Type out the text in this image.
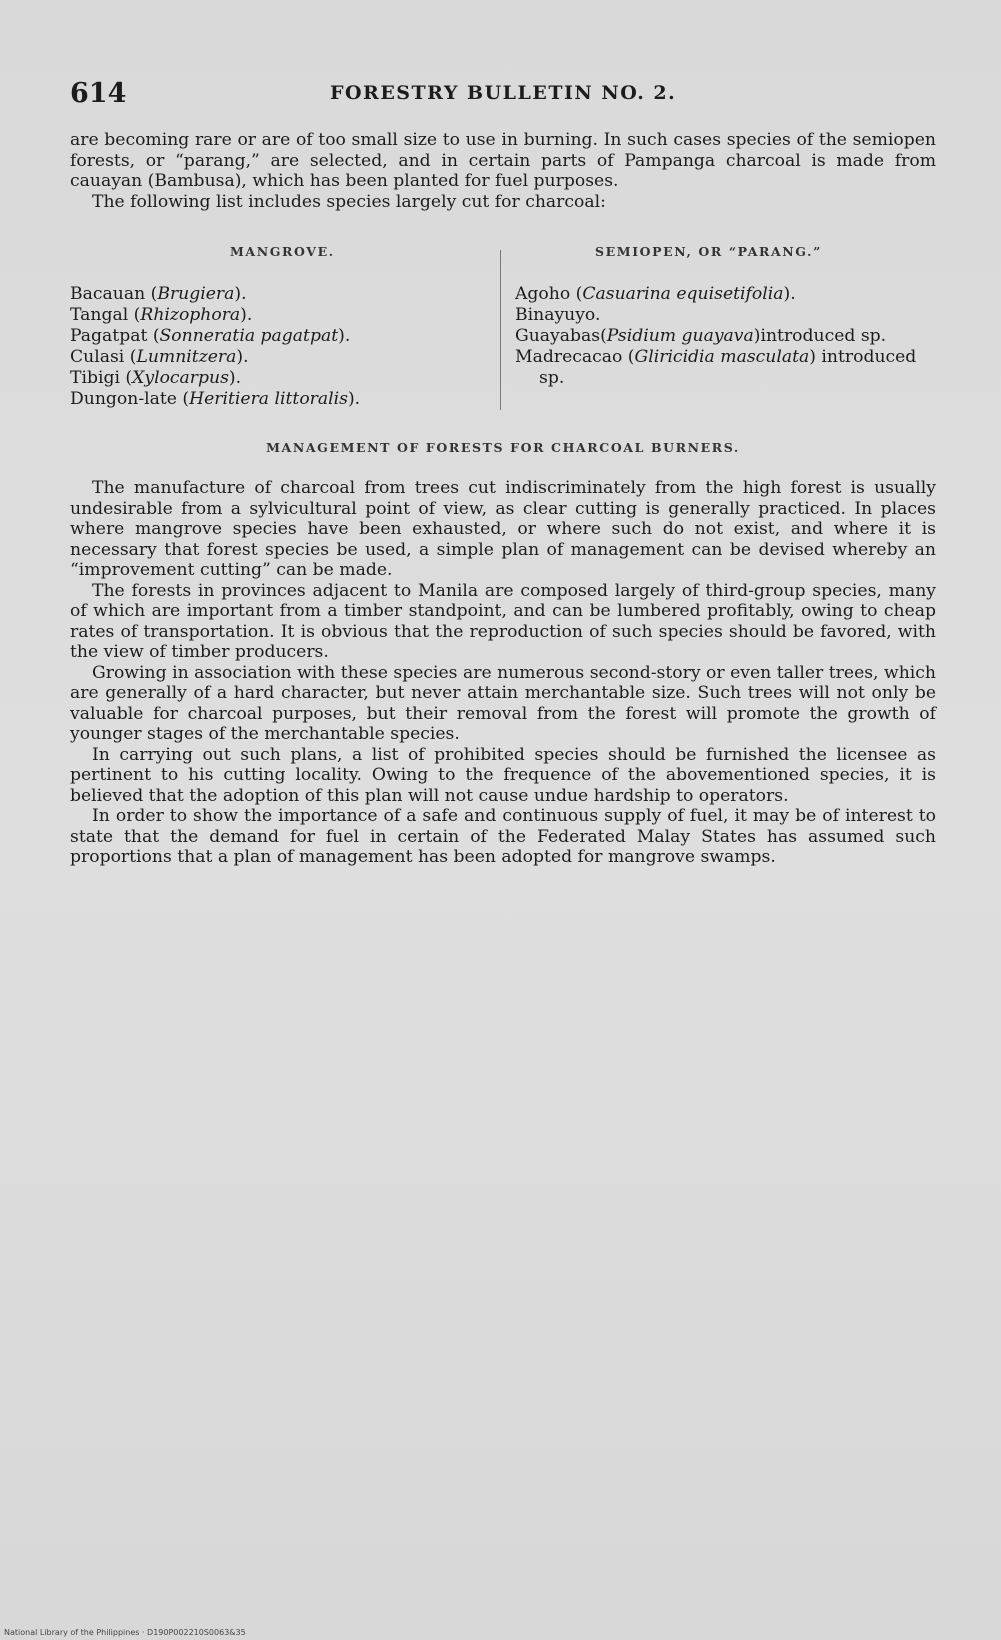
614	FORESTRY BULLETIN NO. 2.
are becoming rare or are of too small size to use in burning. In such cases species of the semiopen forests, or “parang,” are selected, and in certain parts of Pampanga charcoal is made from cauayan (Bambusa), which has been planted for fuel purposes.
The following list includes species largely cut for charcoal:
MANGROVE.	SEMIOPEN, OR “PARANG.”
Bacauan (Brugiera).
Tangal (Rhizophora).
Pagatpat (Sonneratia pagatpat).
Culasi (Lumnitzera).
Tibigi (Xylocarpus).
Dungon-late (Heritiera littoralis).
Agoho (Casuarina equisetifolia).
Binayuyo.
Guayabas(Psidium guayava)introduced sp.
Madrecacao (Gliricidia masculata) introduced sp.
MANAGEMENT OF FORESTS FOR CHARCOAL BURNERS.

The manufacture of charcoal from trees cut indiscriminately from the high forest is usually undesirable from a sylvicultural point of view, as clear cutting is generally practiced. In places where mangrove species have been exhausted, or where such do not exist, and where it is necessary that forest species be used, a simple plan of management can be devised whereby an “improvement cutting” can be made.

The forests in provinces adjacent to Manila are composed largely of third-group species, many of which are important from a timber standpoint, and can be lumbered profitably, owing to cheap rates of transportation. It is obvious that the reproduction of such species should be favored, with the view of timber producers.

Growing in association with these species are numerous second-story or even taller trees, which are generally of a hard character, but never attain merchantable size. Such trees will not only be valuable for charcoal purposes, but their removal from the forest will promote the growth of younger stages of the merchantable species.

In carrying out such plans, a list of prohibited species should be furnished the licensee as pertinent to his cutting locality. Owing to the frequence of the abovementioned species, it is believed that the adoption of this plan will not cause undue hardship to operators.

In order to show the importance of a safe and continuous supply of fuel, it may be of interest to state that the demand for fuel in certain of the Federated Malay States has assumed such proportions that a plan of management has been adopted for mangrove swamps.

National Library of the Philippines · D190P002210S0063&35
